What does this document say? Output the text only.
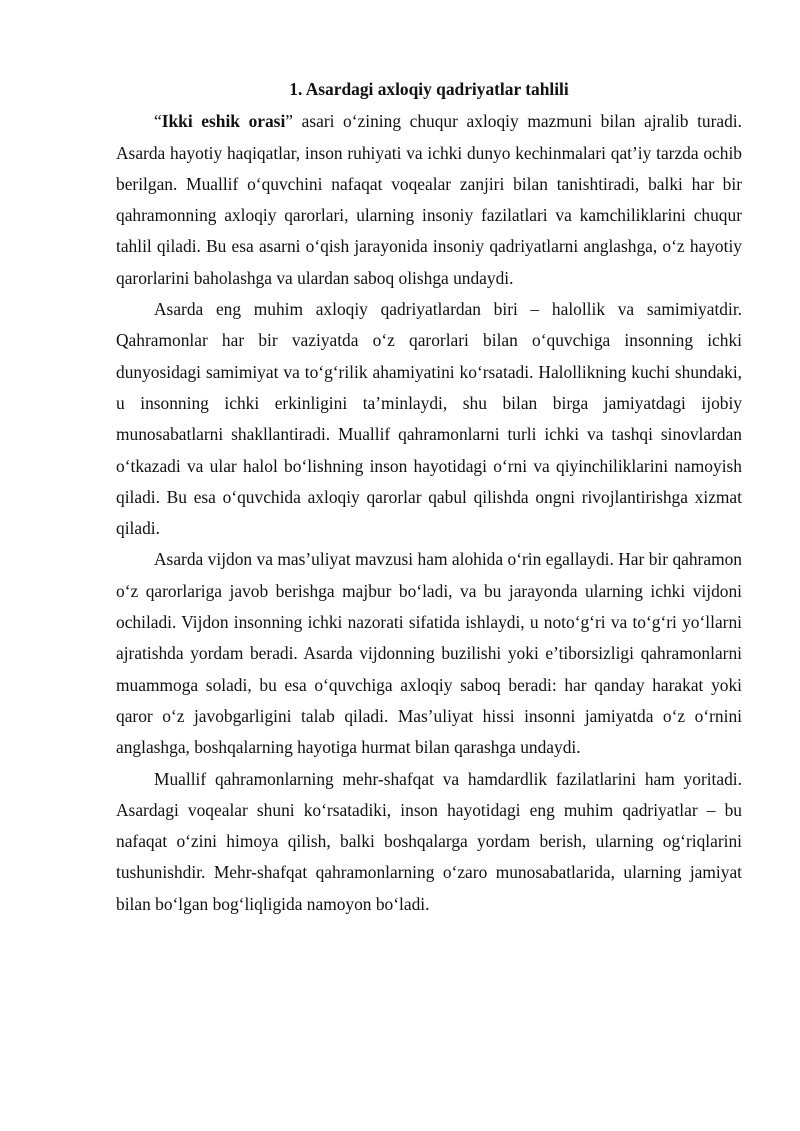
1. Asardagi axloqiy qadriyatlar tahlili

“Ikki eshik orasi” asari o‘zining chuqur axloqiy mazmuni bilan ajralib turadi. Asarda hayotiy haqiqatlar, inson ruhiyati va ichki dunyo kechinmalari qat’iy tarzda ochib berilgan. Muallif o‘quvchini nafaqat voqealar zanjiri bilan tanishtiradi, balki har bir qahramonning axloqiy qarorlari, ularning insoniy fazilatlari va kamchiliklarini chuqur tahlil qiladi. Bu esa asarni o‘qish jarayonida insoniy qadriyatlarni anglashga, o‘z hayotiy qarorlarini baholashga va ulardan saboq olishga undaydi.

Asarda eng muhim axloqiy qadriyatlardan biri – halollik va samimiyatdir. Qahramonlar har bir vaziyatda o‘z qarorlari bilan o‘quvchiga insonning ichki dunyosidagi samimiyat va to‘g‘rilik ahamiyatini ko‘rsatadi. Halollikning kuchi shundaki, u insonning ichki erkinligini ta’minlaydi, shu bilan birga jamiyatdagi ijobiy munosabatlarni shakllantiradi. Muallif qahramonlarni turli ichki va tashqi sinovlardan o‘tkazadi va ular halol bo‘lishning inson hayotidagi o‘rni va qiyinchiliklarini namoyish qiladi. Bu esa o‘quvchida axloqiy qarorlar qabul qilishda ongni rivojlantirishga xizmat qiladi.

Asarda vijdon va mas’uliyat mavzusi ham alohida o‘rin egallaydi. Har bir qahramon o‘z qarorlariga javob berishga majbur bo‘ladi, va bu jarayonda ularning ichki vijdoni ochiladi. Vijdon insonning ichki nazorati sifatida ishlaydi, u noto‘g‘ri va to‘g‘ri yo‘llarni ajratishda yordam beradi. Asarda vijdonning buzilishi yoki e’tiborsizligi qahramonlarni muammoga soladi, bu esa o‘quvchiga axloqiy saboq beradi: har qanday harakat yoki qaror o‘z javobgarligini talab qiladi. Mas’uliyat hissi insonni jamiyatda o‘z o‘rnini anglashga, boshqalarning hayotiga hurmat bilan qarashga undaydi.

Muallif qahramonlarning mehr-shafqat va hamdardlik fazilatlarini ham yoritadi. Asardagi voqealar shuni ko‘rsatadiki, inson hayotidagi eng muhim qadriyatlar – bu nafaqat o‘zini himoya qilish, balki boshqalarga yordam berish, ularning og‘riqlarini tushunishdir. Mehr-shafqat qahramonlarning o‘zaro munosabatlarida, ularning jamiyat bilan bo‘lgan bog‘liqligida namoyon bo‘ladi.
